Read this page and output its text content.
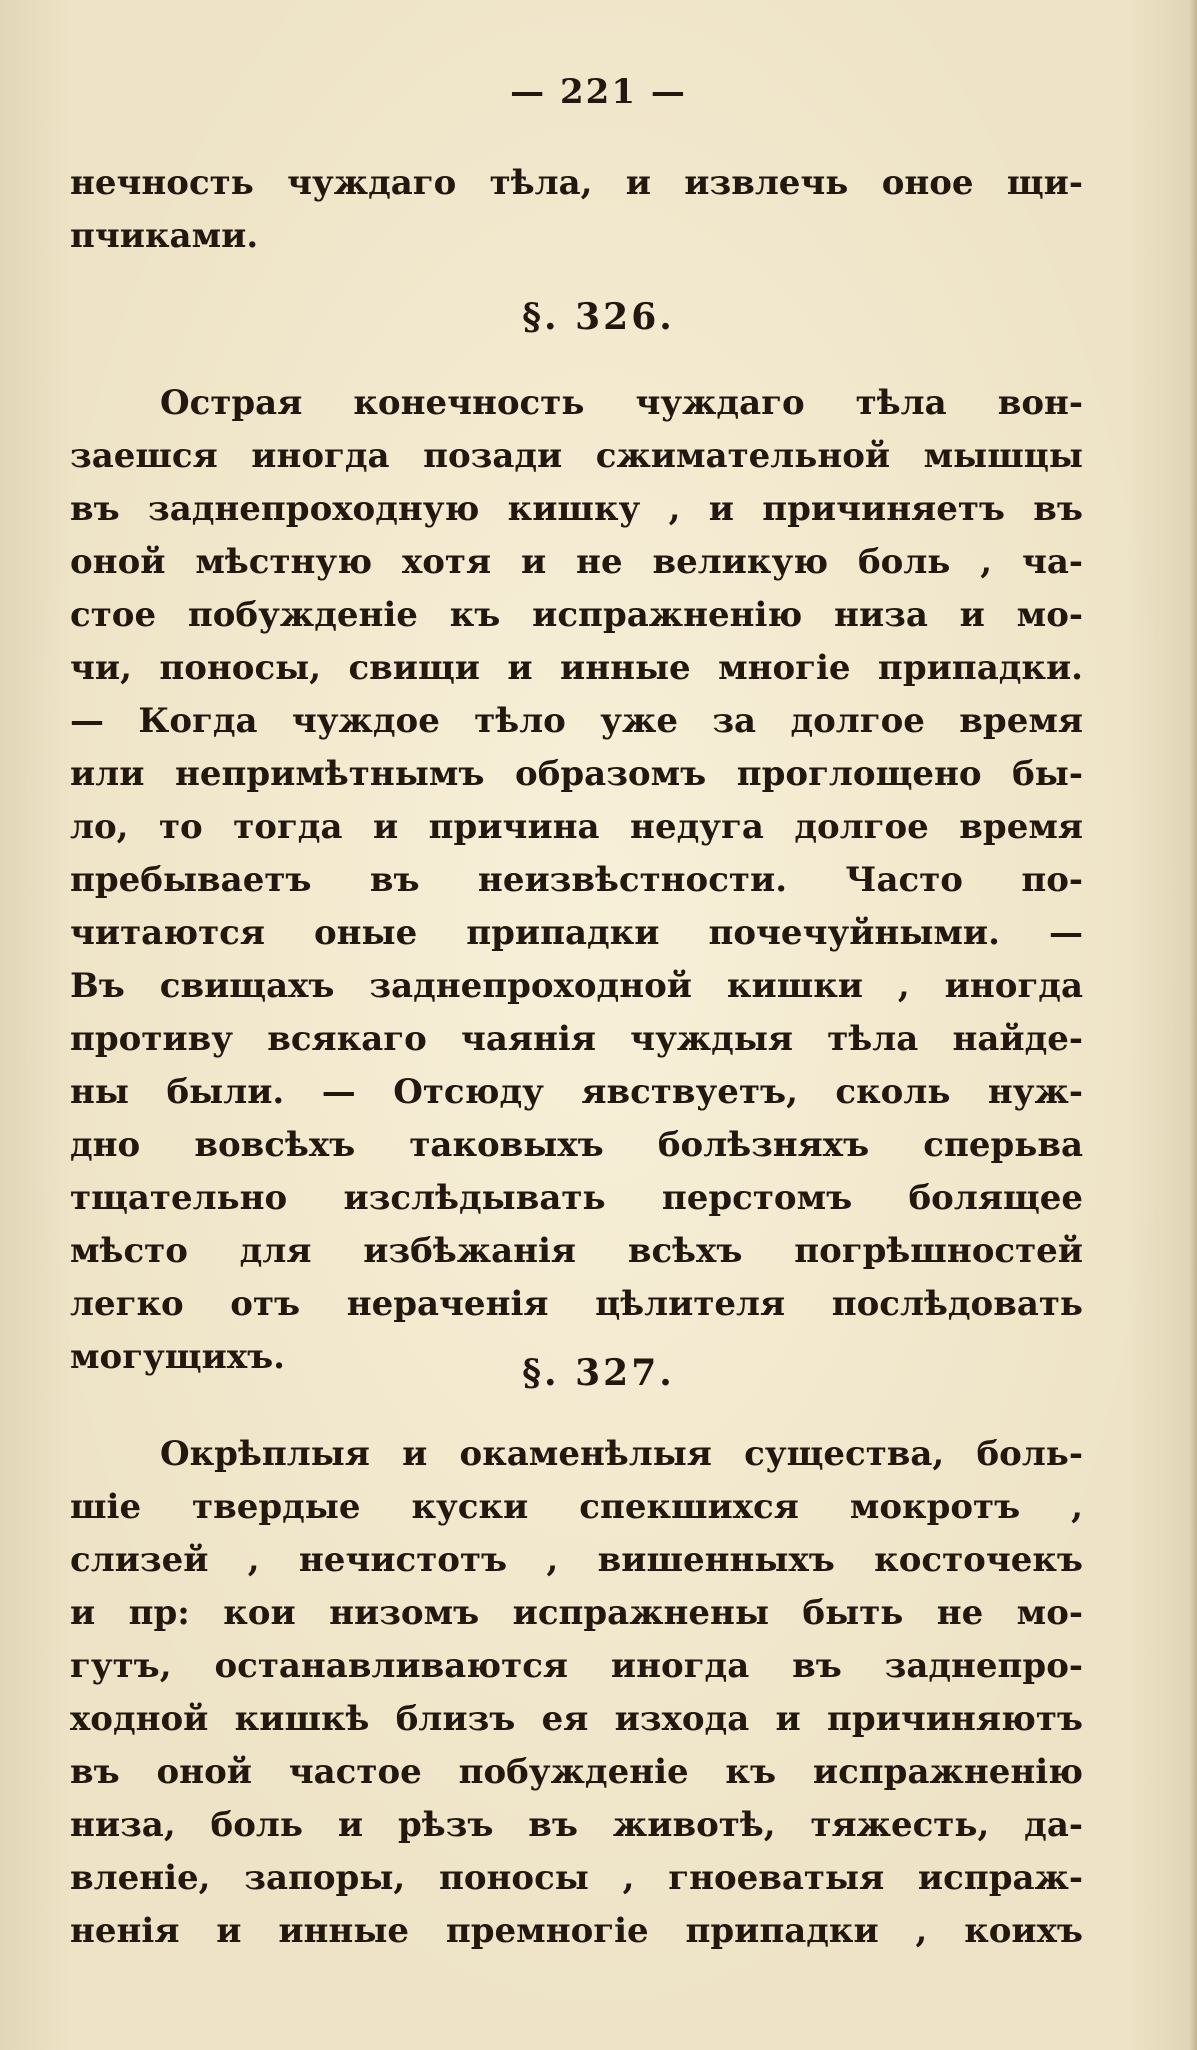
— 221 —
нечность чуждаго тѣла, и извлечь оное щи-
пчиками.
§. 326.
Острая конечность чуждаго тѣла вон-
заешся иногда позади сжимательной мышцы
въ заднепроходную кишку , и причиняетъ въ
оной мѣстную хотя и не великую боль , ча-
стое побужденіе къ испражненію низа и мо-
чи, поносы, свищи и инные многіе припадки.
— Когда чуждое тѣло уже за долгое время
или непримѣтнымъ образомъ проглощено бы-
ло, то тогда и причина недуга долгое время
пребываетъ въ неизвѣстности. Часто по-
читаются оные припадки почечуйными. —
Въ свищахъ заднепроходной кишки , иногда
противу всякаго чаянія чуждыя тѣла найде-
ны были. — Отсюду явствуетъ, сколь нуж-
дно вовсѣхъ таковыхъ болѣзняхъ сперьва
тщательно изслѣдывать перстомъ болящее
мѣсто для избѣжанія всѣхъ погрѣшностей
легко отъ нераченія цѣлителя послѣдовать
могущихъ.	§. 327.
Окрѣплыя и окаменѣлыя существа, боль-
шіе твердые куски спекшихся мокротъ ,
слизей , нечистотъ , вишенныхъ косточекъ
и пр: кои низомъ испражнены быть не мо-
гутъ, останавливаются иногда въ заднепро-
ходной кишкѣ близъ ея изхода и причиняютъ
въ оной частое побужденіе къ испражненію
низа, боль и рѣзъ въ животѣ, тяжесть, да-
вленіе, запоры, поносы , гноеватыя испраж-
ненія и инные премногіе припадки , коихъ
